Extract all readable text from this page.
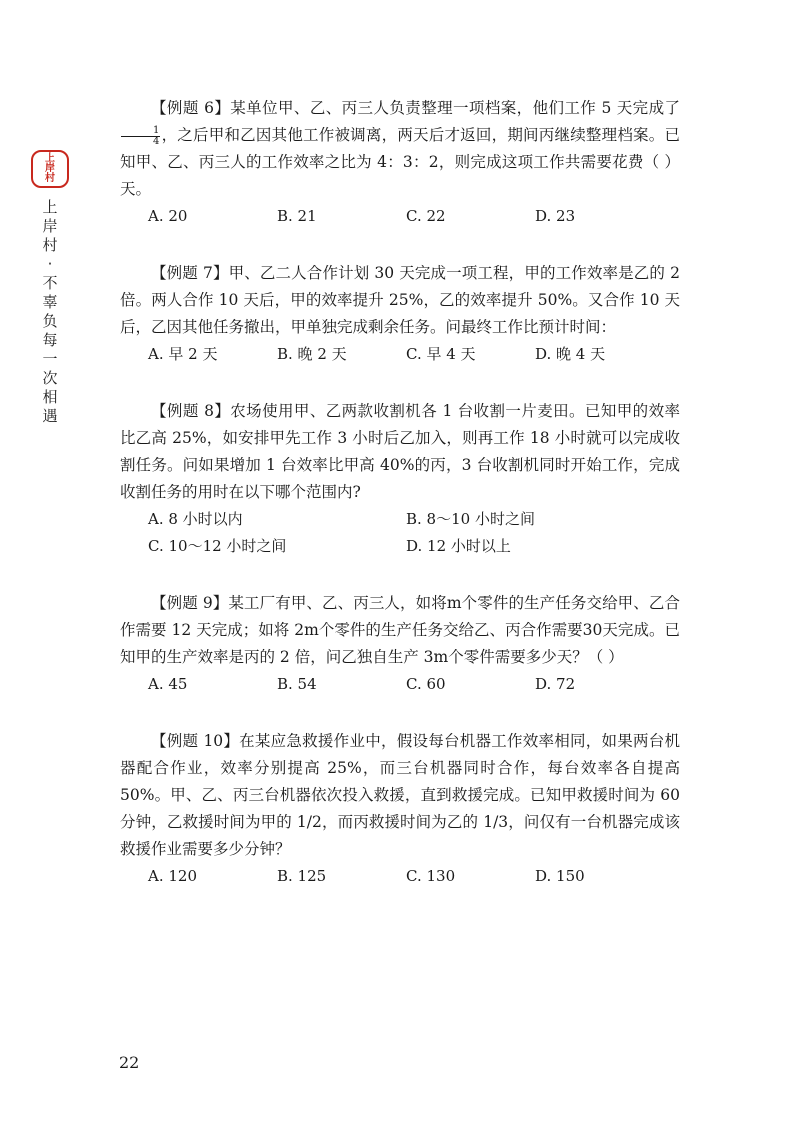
上岸村
上岸村·不辜负每一次相遇

【例题 6】某单位甲、乙、丙三人负责整理一项档案，他们工作 5 天完成了
$\frac{1}{4}$ ，之后甲和乙因其他工作被调离，两天后才返回，期间丙继续整理档案。已知甲、乙、丙三人的工作效率之比为 4：3：2，则完成这项工作共需要花费（ ）天。

A. 20	B. 21	C. 22	D. 23

【例题 7】甲、乙二人合作计划 30 天完成一项工程，甲的工作效率是乙的 2 倍。两人合作 10 天后，甲的效率提升 25%，乙的效率提升 50%。又合作 10 天后，乙因其他任务撤出，甲单独完成剩余任务。问最终工作比预计时间：

A. 早 2 天	B. 晚 2 天	C. 早 4 天	D. 晚 4 天

【例题 8】农场使用甲、乙两款收割机各 1 台收割一片麦田。已知甲的效率比乙高 25%，如安排甲先工作 3 小时后乙加入，则再工作 18 小时就可以完成收割任务。问如果增加 1 台效率比甲高 40%的丙，3 台收割机同时开始工作，完成收割任务的用时在以下哪个范围内?

A. 8 小时以内	B. 8～10 小时之间
C. 10～12 小时之间	D. 12 小时以上

【例题 9】某工厂有甲、乙、丙三人，如将m个零件的生产任务交给甲、乙合作需要 12 天完成；如将 2m个零件的生产任务交给乙、丙合作需要30天完成。已知甲的生产效率是丙的 2 倍，问乙独自生产 3m个零件需要多少天？（ ）

A. 45	B. 54	C. 60	D. 72

【例题 10】在某应急救援作业中，假设每台机器工作效率相同，如果两台机器配合作业，效率分别提高 25%，而三台机器同时合作，每台效率各自提高 50%。甲、乙、丙三台机器依次投入救援，直到救援完成。已知甲救援时间为 60 分钟，乙救援时间为甲的 1/2，而丙救援时间为乙的 1/3，问仅有一台机器完成该救援作业需要多少分钟？

A. 120	B. 125	C. 130	D. 150
22
